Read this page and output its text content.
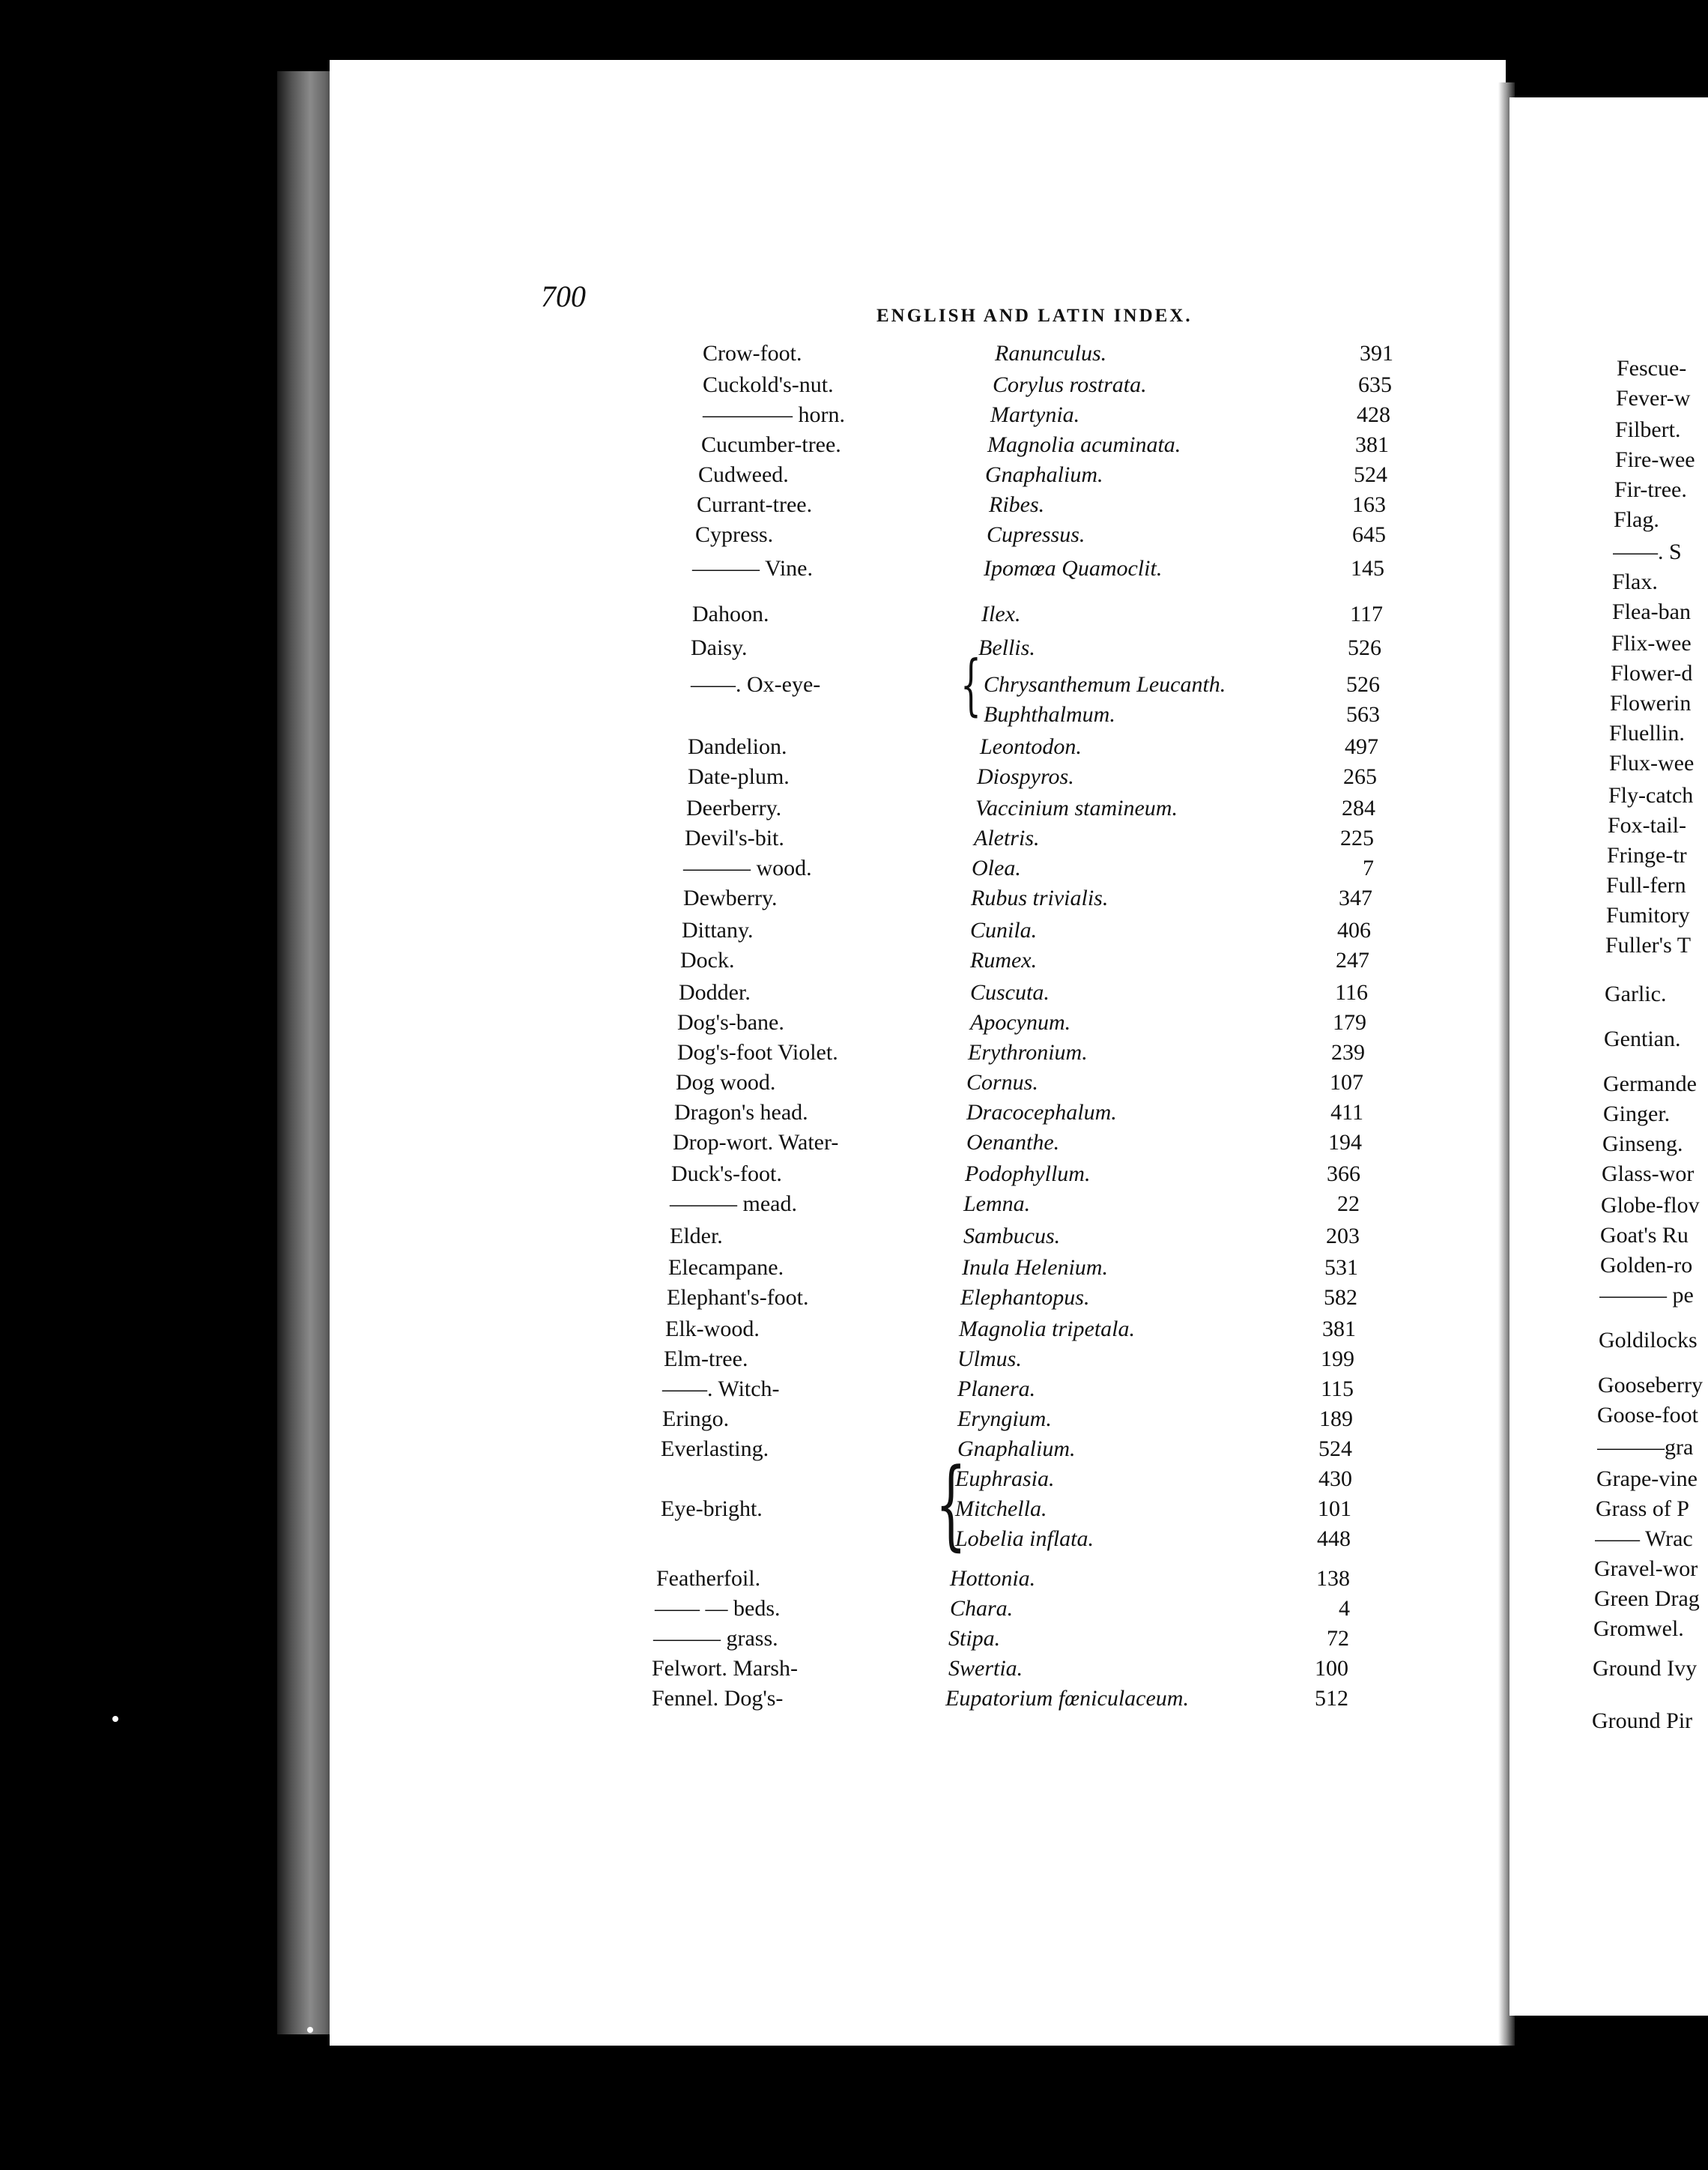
700
ENGLISH AND LATIN INDEX.
Crow-foot.	Ranunculus.	391
Cuckold's-nut.	Corylus rostrata.	635
———— horn.	Martynia.	428
Cucumber-tree.	Magnolia acuminata.	381
Cudweed.	Gnaphalium.	524
Currant-tree.	Ribes.	163
Cypress.	Cupressus.	645
——— Vine.	Ipomœa Quamoclit.	145
Dahoon.	Ilex.	117
Daisy.	Bellis.	526
——. Ox-eye-	Chrysanthemum Leucanth.	526
Buphthalmum.	563
Dandelion.	Leontodon.	497
Date-plum.	Diospyros.	265
Deerberry.	Vaccinium stamineum.	284
Devil's-bit.	Aletris.	225
——— wood.	Olea.	7
Dewberry.	Rubus trivialis.	347
Dittany.	Cunila.	406
Dock.	Rumex.	247
Dodder.	Cuscuta.	116
Dog's-bane.	Apocynum.	179
Dog's-foot Violet.	Erythronium.	239
Dog wood.	Cornus.	107
Dragon's head.	Dracocephalum.	411
Drop-wort. Water-	Oenanthe.	194
Duck's-foot.	Podophyllum.	366
——— mead.	Lemna.	22
Elder.	Sambucus.	203
Elecampane.	Inula Helenium.	531
Elephant's-foot.	Elephantopus.	582
Elk-wood.	Magnolia tripetala.	381
Elm-tree.	Ulmus.	199
——. Witch-	Planera.	115
Eringo.	Eryngium.	189
Everlasting.	Gnaphalium.	524
Euphrasia.	430
Eye-bright.	Mitchella.	101
Lobelia inflata.	448
Featherfoil.	Hottonia.	138
—— — beds.	Chara.	4
——— grass.	Stipa.	72
Felwort. Marsh-	Swertia.	100
Fennel. Dog's-	Eupatorium fœniculaceum.	512
Fescue-
Fever-w
Filbert.
Fire-wee
Fir-tree.
Flag.
——. S
Flax.
Flea-ban
Flix-wee
Flower-d
Flowerin
Fluellin.
Flux-wee
Fly-catch
Fox-tail-
Fringe-tr
Full-fern
Fumitory
Fuller's T
Garlic.
Gentian.
Germande
Ginger.
Ginseng.
Glass-wor
Globe-flov
Goat's Ru
Golden-ro
——— pe
Goldilocks
Gooseberry
Goose-foot
———gra
Grape-vine
Grass of P
—— Wrac
Gravel-wor
Green Drag
Gromwel.
Ground Ivy
Ground Pir
{
{
